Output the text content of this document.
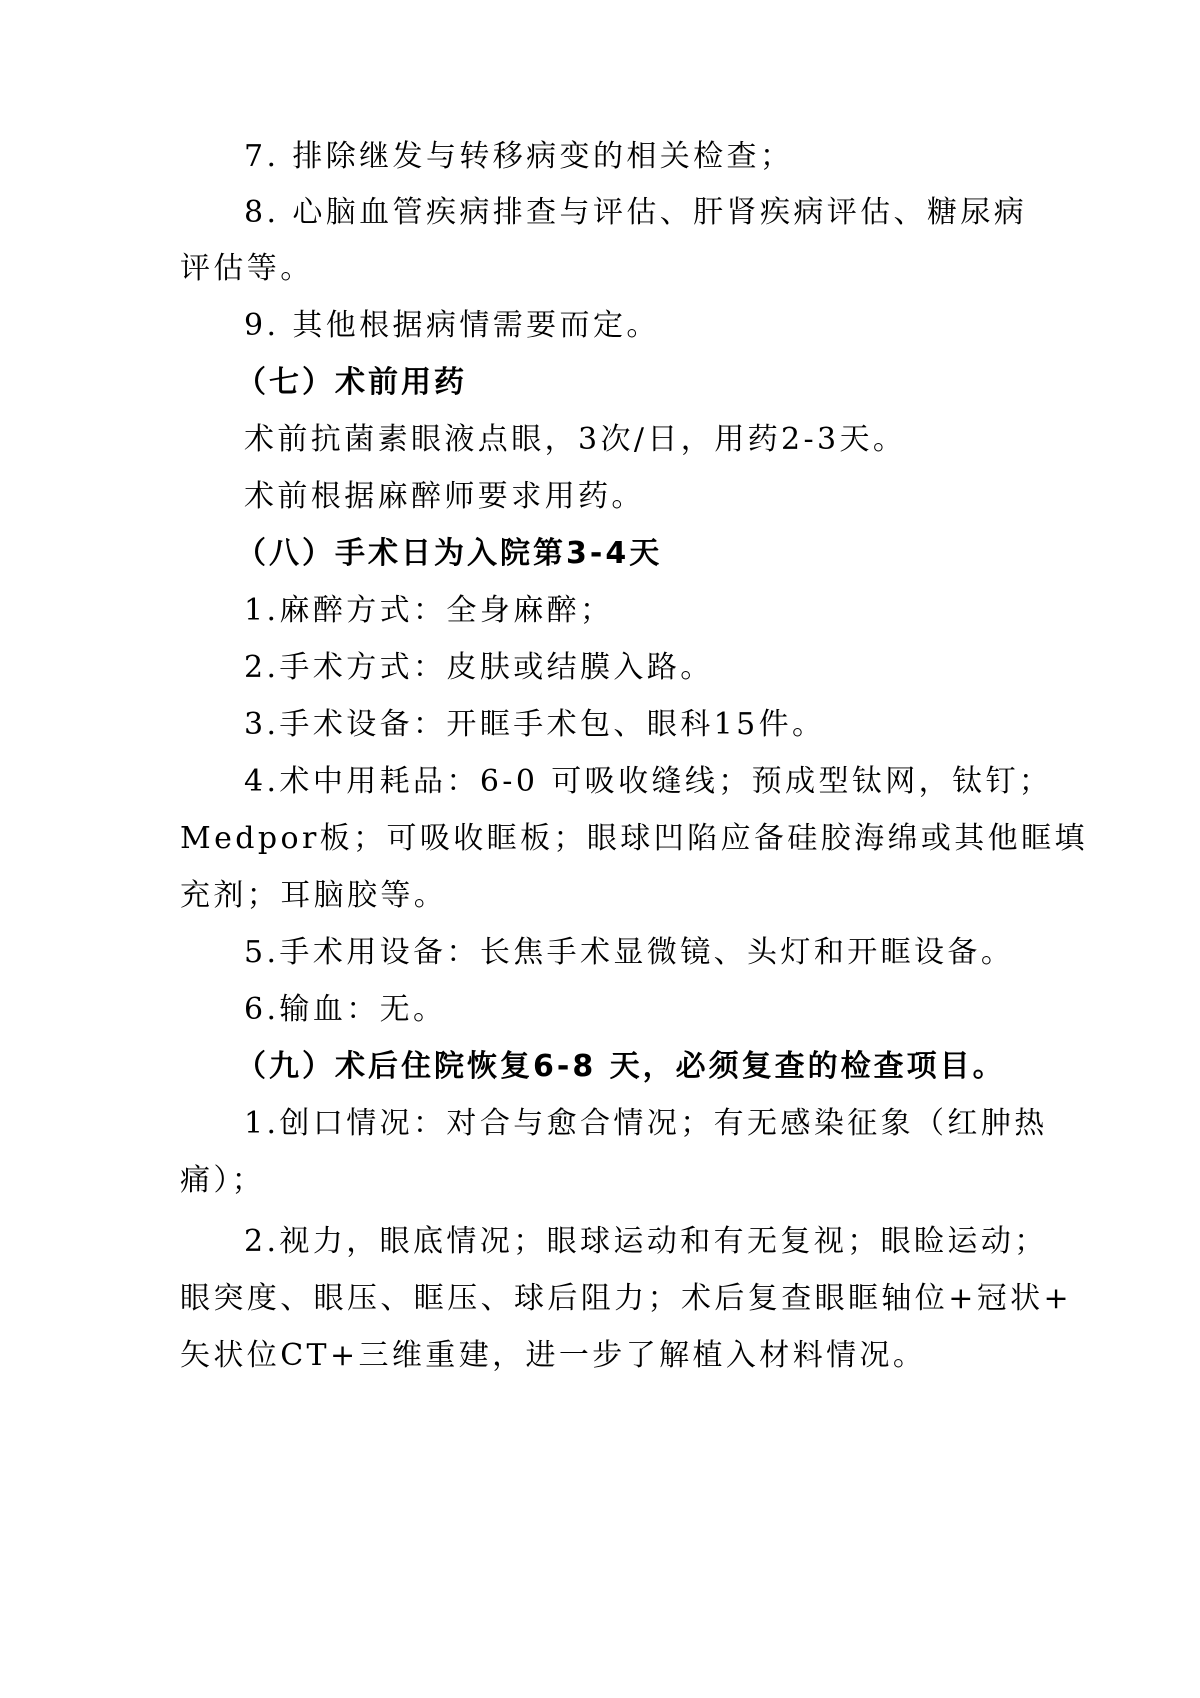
7. 排除继发与转移病变的相关检查；
8. 心脑血管疾病排查与评估、肝肾疾病评估、糖尿病
评估等。
9. 其他根据病情需要而定。
（七）术前用药
术前抗菌素眼液点眼，3次/日，用药2-3天。
术前根据麻醉师要求用药。
（八）手术日为入院第3-4天
1.麻醉方式：全身麻醉；
2.手术方式：皮肤或结膜入路。
3.手术设备：开眶手术包、眼科15件。
4.术中用耗品：6-0 可吸收缝线；预成型钛网，钛钉；
Medpor板；可吸收眶板；眼球凹陷应备硅胶海绵或其他眶填
充剂；耳脑胶等。
5.手术用设备：长焦手术显微镜、头灯和开眶设备。
6.输血：无。
（九）术后住院恢复6-8 天，必须复查的检查项目。
1.创口情况：对合与愈合情况；有无感染征象（红肿热
痛）；
2.视力，眼底情况；眼球运动和有无复视；眼睑运动；
眼突度、眼压、眶压、球后阻力；术后复查眼眶轴位+冠状+
矢状位CT+三维重建，进一步了解植入材料情况。
